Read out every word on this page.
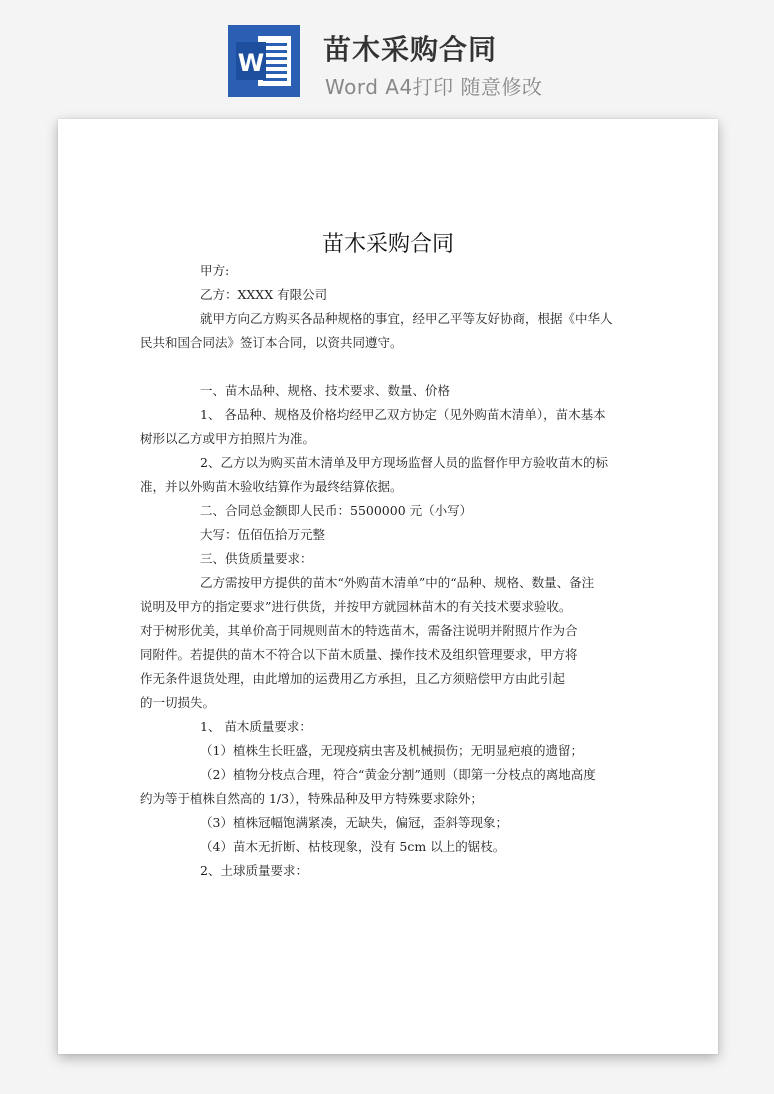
W 苗木采购合同
Word A4打印 随意修改
苗木采购合同
甲方:
乙方：XXXX 有限公司
就甲方向乙方购买各品种规格的事宜，经甲乙平等友好协商，根据《中华人
民共和国合同法》签订本合同，以资共同遵守。
一、苗木品种、规格、技术要求、数量、价格
1、 各品种、规格及价格均经甲乙双方协定（见外购苗木清单），苗木基本
树形以乙方或甲方拍照片为准。
2、乙方以为购买苗木清单及甲方现场监督人员的监督作甲方验收苗木的标
准，并以外购苗木验收结算作为最终结算依据。
二、合同总金额即人民币：5500000 元（小写）
大写：伍佰伍拾万元整
三、供货质量要求：
乙方需按甲方提供的苗木“外购苗木清单”中的“品种、规格、数量、备注
说明及甲方的指定要求”进行供货，并按甲方就园林苗木的有关技术要求验收。
对于树形优美，其单价高于同规则苗木的特选苗木，需备注说明并附照片作为合
同附件。若提供的苗木不符合以下苗木质量、操作技术及组织管理要求，甲方将
作无条件退货处理，由此增加的运费用乙方承担，且乙方须赔偿甲方由此引起
的一切损失。
1、 苗木质量要求：
（1）植株生长旺盛，无现疫病虫害及机械损伤；无明显疤痕的遗留；
（2）植物分枝点合理，符合“黄金分割”通则（即第一分枝点的离地高度
约为等于植株自然高的 1/3），特殊品种及甲方特殊要求除外；
（3）植株冠幅饱满紧凑，无缺失，偏冠，歪斜等现象；
（4）苗木无折断、枯枝现象，没有 5cm 以上的锯枝。
2、土球质量要求：
